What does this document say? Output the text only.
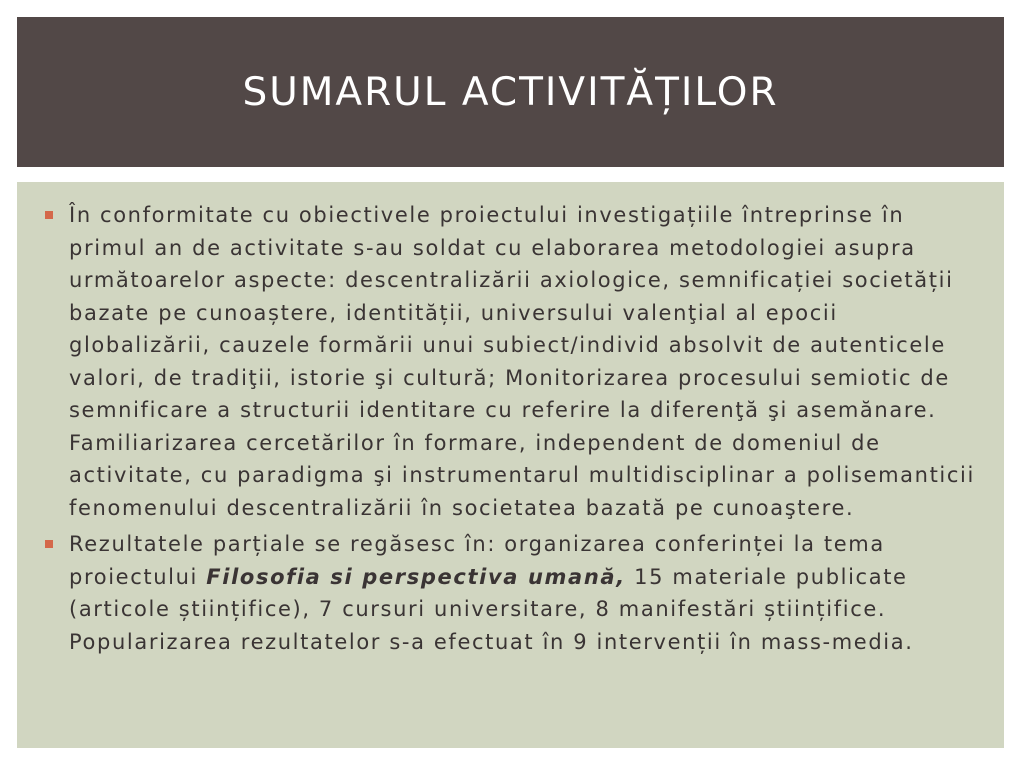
SUMARUL ACTIVITĂȚILOR
În conformitate cu obiectivele proiectului investigațiile întreprinse în primul an de activitate s-au soldat cu elaborarea metodologiei asupra următoarelor aspecte: descentralizării axiologice, semnificației societății bazate pe cunoaștere, identității, universului valenţial al epocii globalizării, cauzele formării unui subiect/individ absolvit de autenticele valori, de tradiţii, istorie şi cultură; Monitorizarea procesului semiotic de semnificare a structurii identitare cu referire la diferenţă şi asemănare. Familiarizarea cercetărilor în formare, independent de domeniul de activitate, cu paradigma şi instrumentarul multidisciplinar a polisemanticii fenomenului descentralizării în societatea bazată pe cunoaştere.
Rezultatele parțiale se regăsesc în: organizarea conferinței la tema proiectului Filosofia si perspectiva umană, 15 materiale publicate (articole științifice), 7 cursuri universitare, 8 manifestări științifice. Popularizarea rezultatelor s-a efectuat în 9 intervenții în mass-media.
